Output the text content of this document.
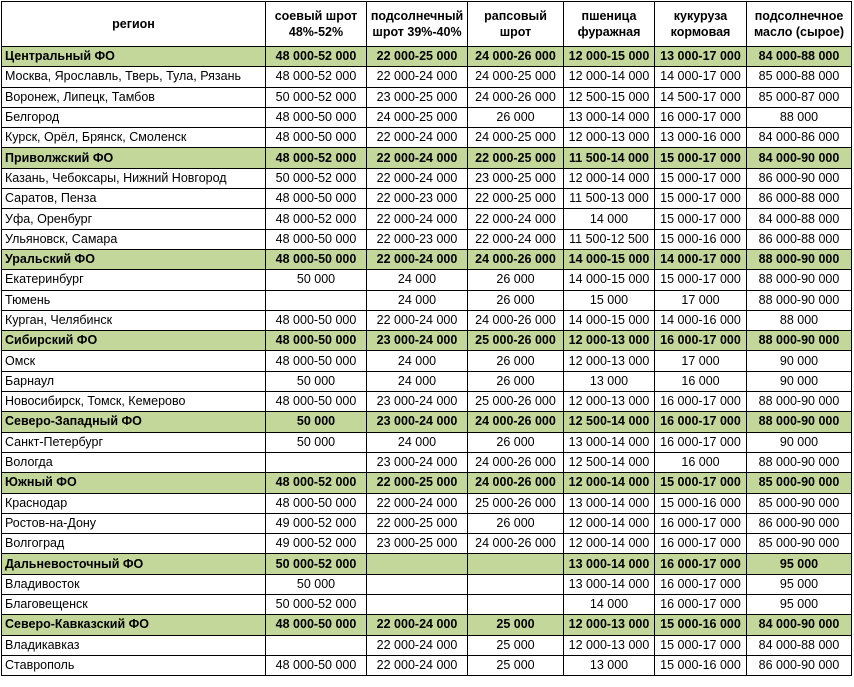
регион	соевый шрот 48%-52%	подсолнечный шрот 39%-40%	рапсовый шрот	пшеница фуражная	кукуруза кормовая	подсолнечное масло (сырое)
Центральный ФО	48 000-52 000	22 000-25 000	24 000-26 000	12 000-15 000	13 000-17 000	84 000-88 000
Москва, Ярославль, Тверь, Тула, Рязань	48 000-52 000	22 000-24 000	24 000-25 000	12 000-14 000	14 000-17 000	85 000-88 000
Воронеж, Липецк, Тамбов	50 000-52 000	23 000-25 000	24 000-26 000	12 500-15 000	14 500-17 000	85 000-87 000
Белгород	48 000-50 000	24 000-25 000	26 000	13 000-14 000	16 000-17 000	88 000
Курск, Орёл, Брянск, Смоленск	48 000-50 000	22 000-24 000	24 000-25 000	12 000-13 000	13 000-16 000	84 000-86 000
Приволжский ФО	48 000-52 000	22 000-24 000	22 000-25 000	11 500-14 000	15 000-17 000	84 000-90 000
Казань, Чебоксары, Нижний Новгород	50 000-52 000	22 000-24 000	23 000-25 000	12 000-14 000	15 000-17 000	86 000-90 000
Саратов, Пенза	48 000-50 000	22 000-23 000	22 000-25 000	11 500-13 000	15 000-17 000	86 000-88 000
Уфа, Оренбург	48 000-52 000	22 000-24 000	22 000-24 000	14 000	15 000-17 000	84 000-88 000
Ульяновск, Самара	48 000-50 000	22 000-23 000	22 000-24 000	11 500-12 500	15 000-16 000	86 000-88 000
Уральский ФО	48 000-50 000	22 000-24 000	24 000-26 000	14 000-15 000	14 000-17 000	88 000-90 000
Екатеринбург	50 000	24 000	26 000	14 000-15 000	15 000-17 000	88 000-90 000
Тюмень		24 000	26 000	15 000	17 000	88 000-90 000
Курган, Челябинск	48 000-50 000	22 000-24 000	24 000-26 000	14 000-15 000	14 000-16 000	88 000
Сибирский ФО	48 000-50 000	23 000-24 000	25 000-26 000	12 000-13 000	16 000-17 000	88 000-90 000
Омск	48 000-50 000	24 000	26 000	12 000-13 000	17 000	90 000
Барнаул	50 000	24 000	26 000	13 000	16 000	90 000
Новосибирск, Томск, Кемерово	48 000-50 000	23 000-24 000	25 000-26 000	12 000-13 000	16 000-17 000	88 000-90 000
Северо-Западный ФО	50 000	23 000-24 000	24 000-26 000	12 500-14 000	16 000-17 000	88 000-90 000
Санкт-Петербург	50 000	24 000	26 000	13 000-14 000	16 000-17 000	90 000
Вологда		23 000-24 000	24 000-26 000	12 500-14 000	16 000	88 000-90 000
Южный ФО	48 000-52 000	22 000-25 000	24 000-26 000	12 000-14 000	15 000-17 000	85 000-90 000
Краснодар	48 000-50 000	22 000-24 000	25 000-26 000	13 000-14 000	15 000-16 000	85 000-90 000
Ростов-на-Дону	49 000-52 000	22 000-25 000	26 000	12 000-14 000	16 000-17 000	86 000-90 000
Волгоград	49 000-52 000	23 000-25 000	24 000-26 000	12 000-14 000	16 000-17 000	85 000-90 000
Дальневосточный ФО	50 000-52 000			13 000-14 000	16 000-17 000	95 000
Владивосток	50 000			13 000-14 000	16 000-17 000	95 000
Благовещенск	50 000-52 000			14 000	16 000-17 000	95 000
Северо-Кавказский ФО	48 000-50 000	22 000-24 000	25 000	12 000-13 000	15 000-16 000	84 000-90 000
Владикавказ		22 000-24 000	25 000	12 000-13 000	15 000-17 000	84 000-88 000
Ставрополь	48 000-50 000	22 000-24 000	25 000	13 000	15 000-16 000	86 000-90 000
